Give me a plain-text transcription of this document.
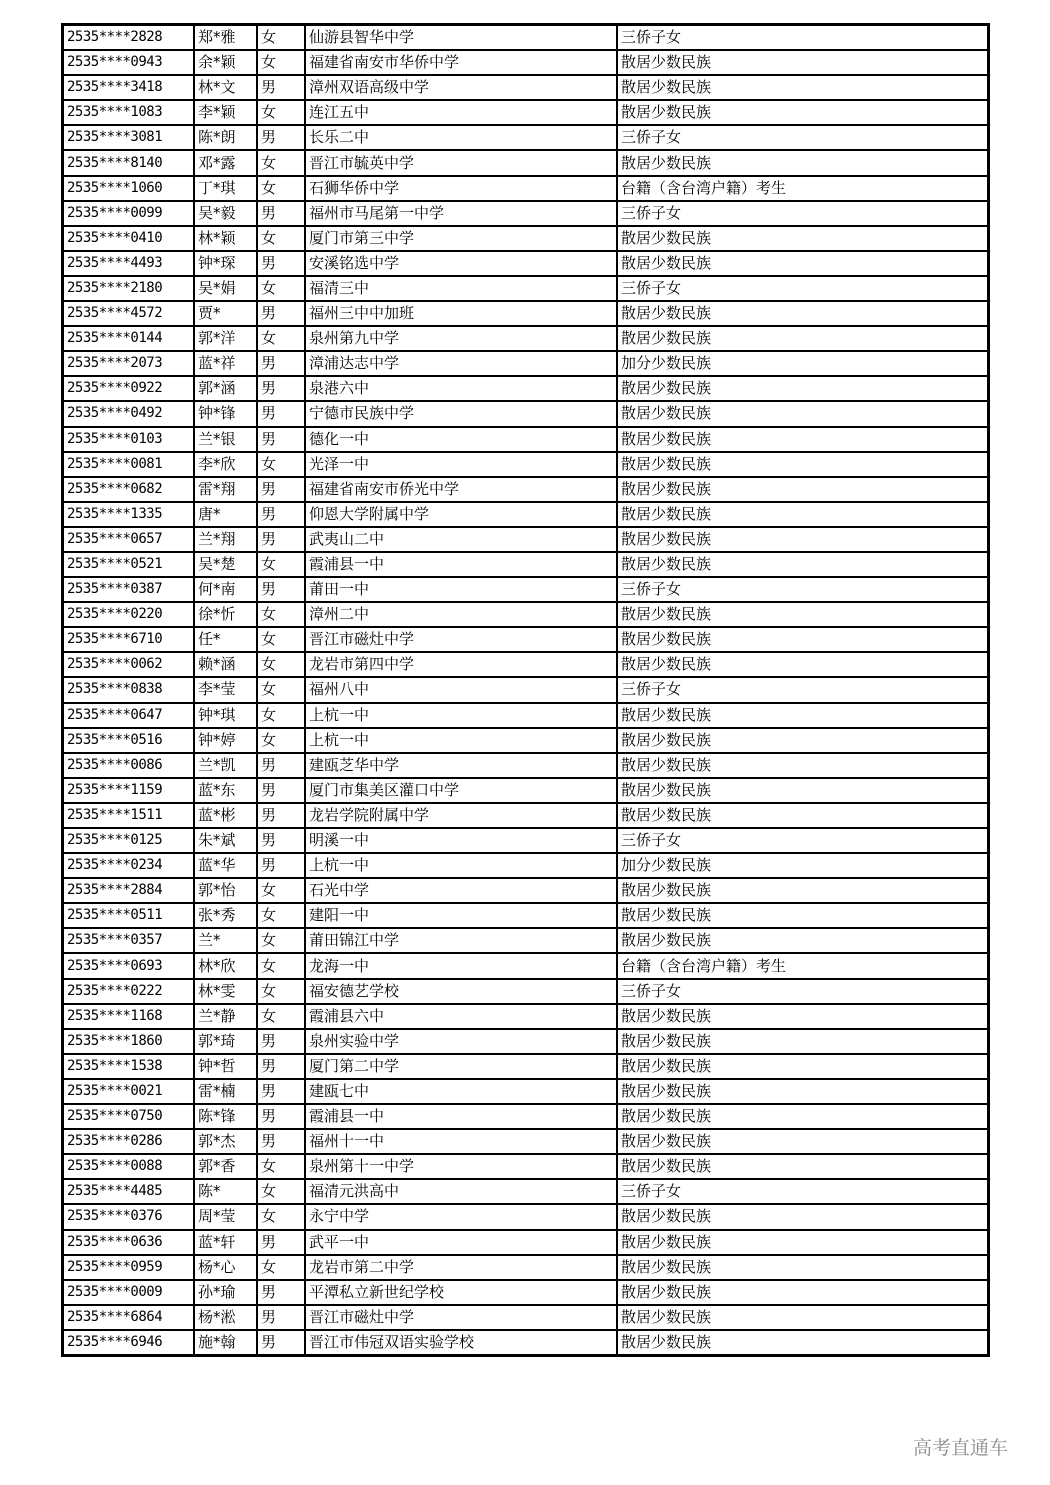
2535****2828	郑*雅	女	仙游县智华中学	三侨子女
2535****0943	余*颖	女	福建省南安市华侨中学	散居少数民族
2535****3418	林*文	男	漳州双语高级中学	散居少数民族
2535****1083	李*颖	女	连江五中	散居少数民族
2535****3081	陈*朗	男	长乐二中	三侨子女
2535****8140	邓*露	女	晋江市毓英中学	散居少数民族
2535****1060	丁*琪	女	石狮华侨中学	台籍（含台湾户籍）考生
2535****0099	吴*毅	男	福州市马尾第一中学	三侨子女
2535****0410	林*颖	女	厦门市第三中学	散居少数民族
2535****4493	钟*琛	男	安溪铭选中学	散居少数民族
2535****2180	吴*娟	女	福清三中	三侨子女
2535****4572	贾*	男	福州三中中加班	散居少数民族
2535****0144	郭*洋	女	泉州第九中学	散居少数民族
2535****2073	蓝*祥	男	漳浦达志中学	加分少数民族
2535****0922	郭*涵	男	泉港六中	散居少数民族
2535****0492	钟*锋	男	宁德市民族中学	散居少数民族
2535****0103	兰*银	男	德化一中	散居少数民族
2535****0081	李*欣	女	光泽一中	散居少数民族
2535****0682	雷*翔	男	福建省南安市侨光中学	散居少数民族
2535****1335	唐*	男	仰恩大学附属中学	散居少数民族
2535****0657	兰*翔	男	武夷山二中	散居少数民族
2535****0521	吴*楚	女	霞浦县一中	散居少数民族
2535****0387	何*南	男	莆田一中	三侨子女
2535****0220	徐*忻	女	漳州二中	散居少数民族
2535****6710	任*	女	晋江市磁灶中学	散居少数民族
2535****0062	赖*涵	女	龙岩市第四中学	散居少数民族
2535****0838	李*莹	女	福州八中	三侨子女
2535****0647	钟*琪	女	上杭一中	散居少数民族
2535****0516	钟*婷	女	上杭一中	散居少数民族
2535****0086	兰*凯	男	建瓯芝华中学	散居少数民族
2535****1159	蓝*东	男	厦门市集美区灌口中学	散居少数民族
2535****1511	蓝*彬	男	龙岩学院附属中学	散居少数民族
2535****0125	朱*斌	男	明溪一中	三侨子女
2535****0234	蓝*华	男	上杭一中	加分少数民族
2535****2884	郭*怡	女	石光中学	散居少数民族
2535****0511	张*秀	女	建阳一中	散居少数民族
2535****0357	兰*	女	莆田锦江中学	散居少数民族
2535****0693	林*欣	女	龙海一中	台籍（含台湾户籍）考生
2535****0222	林*雯	女	福安德艺学校	三侨子女
2535****1168	兰*静	女	霞浦县六中	散居少数民族
2535****1860	郭*琦	男	泉州实验中学	散居少数民族
2535****1538	钟*哲	男	厦门第二中学	散居少数民族
2535****0021	雷*楠	男	建瓯七中	散居少数民族
2535****0750	陈*锋	男	霞浦县一中	散居少数民族
2535****0286	郭*杰	男	福州十一中	散居少数民族
2535****0088	郭*香	女	泉州第十一中学	散居少数民族
2535****4485	陈*	女	福清元洪高中	三侨子女
2535****0376	周*莹	女	永宁中学	散居少数民族
2535****0636	蓝*轩	男	武平一中	散居少数民族
2535****0959	杨*心	女	龙岩市第二中学	散居少数民族
2535****0009	孙*瑜	男	平潭私立新世纪学校	散居少数民族
2535****6864	杨*淞	男	晋江市磁灶中学	散居少数民族
2535****6946	施*翰	男	晋江市伟冠双语实验学校	散居少数民族
高考直通车
